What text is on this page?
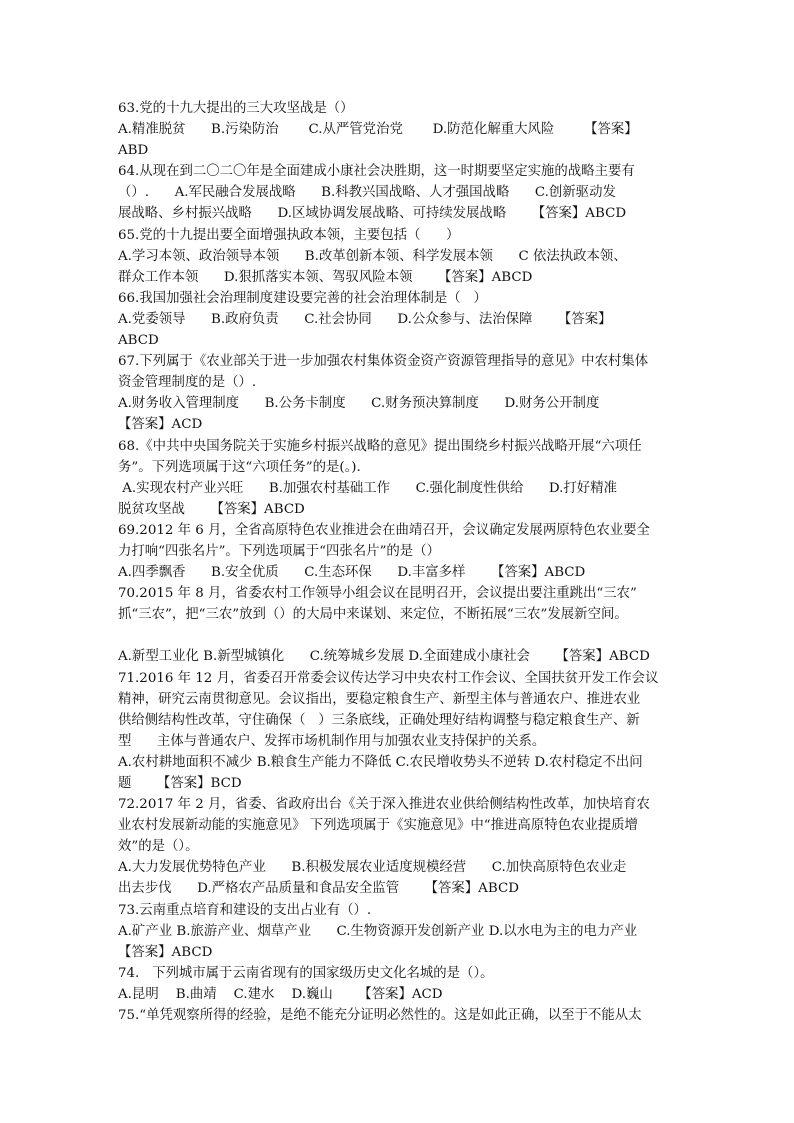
63.党的十九大提出的三大攻坚战是（）
A.精准脱贫      B.污染防治       C.从严管党治党       D.防范化解重大风险       【答案】
ABD
64.从现在到二〇二〇年是全面建成小康社会决胜期，这一时期要坚定实施的战略主要有
（）.      A.军民融合发展战略      B.科教兴国战略、人才强国战略      C.创新驱动发
展战略、乡村振兴战略      D.区域协调发展战略、可持续发展战略      【答案】ABCD
65.党的十九提出要全面增强执政本领，主要包括（      ）
A.学习本领、政治领导本领      B.改革创新本领、科学发展本领      C 依法执政本领、
群众工作本领      D.狠抓落实本领、驾驭风险本领      【答案】ABCD
66.我国加强社会治理制度建设要完善的社会治理体制是（   ）
A.党委领导      B.政府负责      C.社会协同      D.公众参与、法治保障      【答案】
ABCD
67.下列属于《农业部关于进一步加强农村集体资金资产资源管理指导的意见》中农村集体
资金管理制度的是（）.
A.财务收入管理制度      B.公务卡制度      C.财务预决算制度      D.财务公开制度
【答案】ACD
68.《中共中央国务院关于实施乡村振兴战略的意见》提出围绕乡村振兴战略开展“六项任
务”。下列选项属于这“六项任务”的是(。).
A.实现农村产业兴旺      B.加强农村基础工作      C.强化制度性供给      D.打好精准
脱贫攻坚战      【答案】ABCD
69.2012 年 6 月，全省高原特色农业推进会在曲靖召开，会议确定发展两原特色农业要全
力打响“四张名片”。下列选项属于“四张名片”的是（）
A.四季飘香      B.安全优质      C.生态环保      D.丰富多样      【答案】ABCD
70.2015 年 8 月，省委农村工作领导小组会议在昆明召开，会议提出要注重跳出“三农”
抓“三农”，把“三农”放到（）的大局中来谋划、来定位，不断拓展“三农”发展新空间。
A.新型工业化 B.新型城镇化      C.统筹城乡发展 D.全面建成小康社会      【答案】ABCD
71.2016 年 12 月，省委召开常委会议传达学习中央农村工作会议、全国扶贫开发工作会议
精神，研究云南贯彻意见。会议指出，要稳定粮食生产、新型主体与普通农户、推进农业
供给侧结构性改革，守住确保（   ）三条底线，正确处理好结构调整与稳定粮食生产、新
型      主体与普通农户、发挥市场机制作用与加强农业支持保护的关系。
A.农村耕地面积不减少 B.粮食生产能力不降低 C.农民增收势头不逆转 D.农村稳定不出问
题      【答案】BCD
72.2017 年 2 月，省委、省政府出台《关于深入推进农业供给侧结构性改革，加快培育农
业农村发展新动能的实施意见》 下列选项属于《实施意见》中“推进高原特色农业提质增
效”的是（）。
A.大力发展优势特色产业      B.积极发展农业适度规模经营      C.加快高原特色农业走
出去步伐      D.严格农产品质量和食品安全监管      【答案】ABCD
73.云南重点培育和建设的支出占业有（）.
A.矿产业 B.旅游产业、烟草产业      C.生物资源开发创新产业 D.以水电为主的电力产业
【答案】ABCD
74.   下列城市属于云南省现有的国家级历史文化名城的是（）。
A.昆明    B.曲靖    C.建水    D.巍山      【答案】ACD
75.“单凭观察所得的经验，是绝不能充分证明必然性的。这是如此正确，以至于不能从太
